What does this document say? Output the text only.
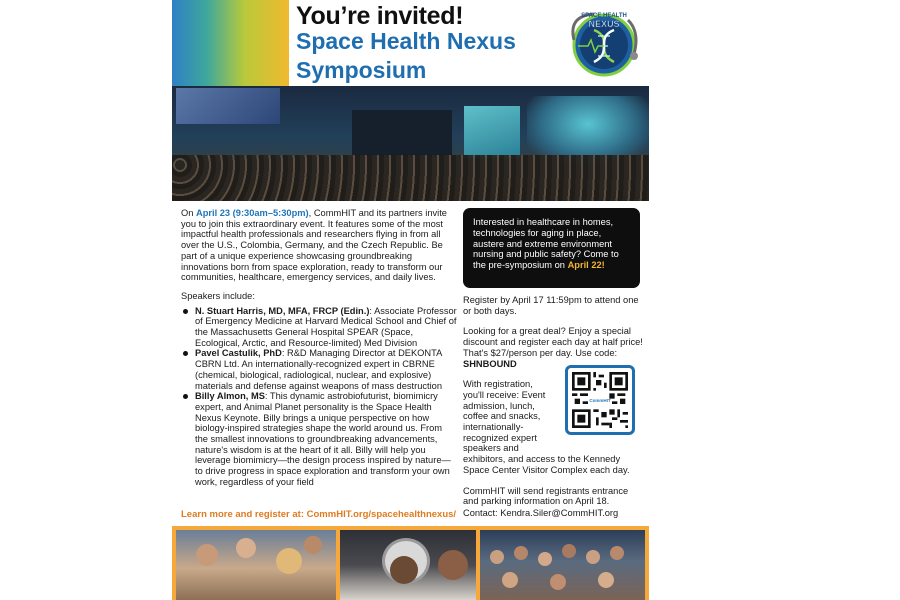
You’re invited!
Space Health Nexus
Symposium
SPACE HEALTH
NEXUS

On April 23 (9:30am–5:30pm), CommHIT and its partners invite you to join this extraordinary event. It features some of the most impactful health professionals and researchers flying in from all over the U.S., Colombia, Germany, and the Czech Republic. Be part of a unique experience showcasing groundbreaking innovations born from space exploration, ready to transform our communities, healthcare, emergency services, and daily lives.

Speakers include:

N. Stuart Harris, MD, MFA, FRCP (Edin.): Associate Professor of Emergency Medicine at Harvard Medical School and Chief of the Massachusetts General Hospital SPEAR (Space, Ecological, Arctic, and Resource-limited) Med Division
Pavel Castulik, PhD: R&D Managing Director at DEKONTA CBRN Ltd. An internationally-recognized expert in CBRNE (chemical, biological, radiological, nuclear, and explosive) materials and defense against weapons of mass destruction
Billy Almon, MS: This dynamic astrobiofuturist, biomimicry expert, and Animal Planet personality is the Space Health Nexus Keynote. Billy brings a unique perspective on how biology-inspired strategies shape the world around us. From the smallest innovations to groundbreaking advancements, nature's wisdom is at the heart of it all. Billy will help you leverage biomimicry—the design process inspired by nature—to drive progress in space exploration and transform your own work, regardless of your field
Learn more and register at: CommHIT.org/spacehealthnexus/
Interested in healthcare in homes, technologies for aging in place, austere and extreme environment nursing and public safety? Come to the pre-symposium on April 22!

Register by April 17 11:59pm to attend one or both days.

Looking for a great deal? Enjoy a special discount and register each day at half price! That's $27/person per day. Use code: SHNBOUND

With registration, you'll receive: Event admission, lunch, coffee and snacks, internationally-recognized expert speakers and

CommHIT

exhibitors, and access to the Kennedy Space Center Visitor Complex each day.

CommHIT will send registrants entrance and parking information on April 18.

Contact: Kendra.Siler@CommHIT.org
